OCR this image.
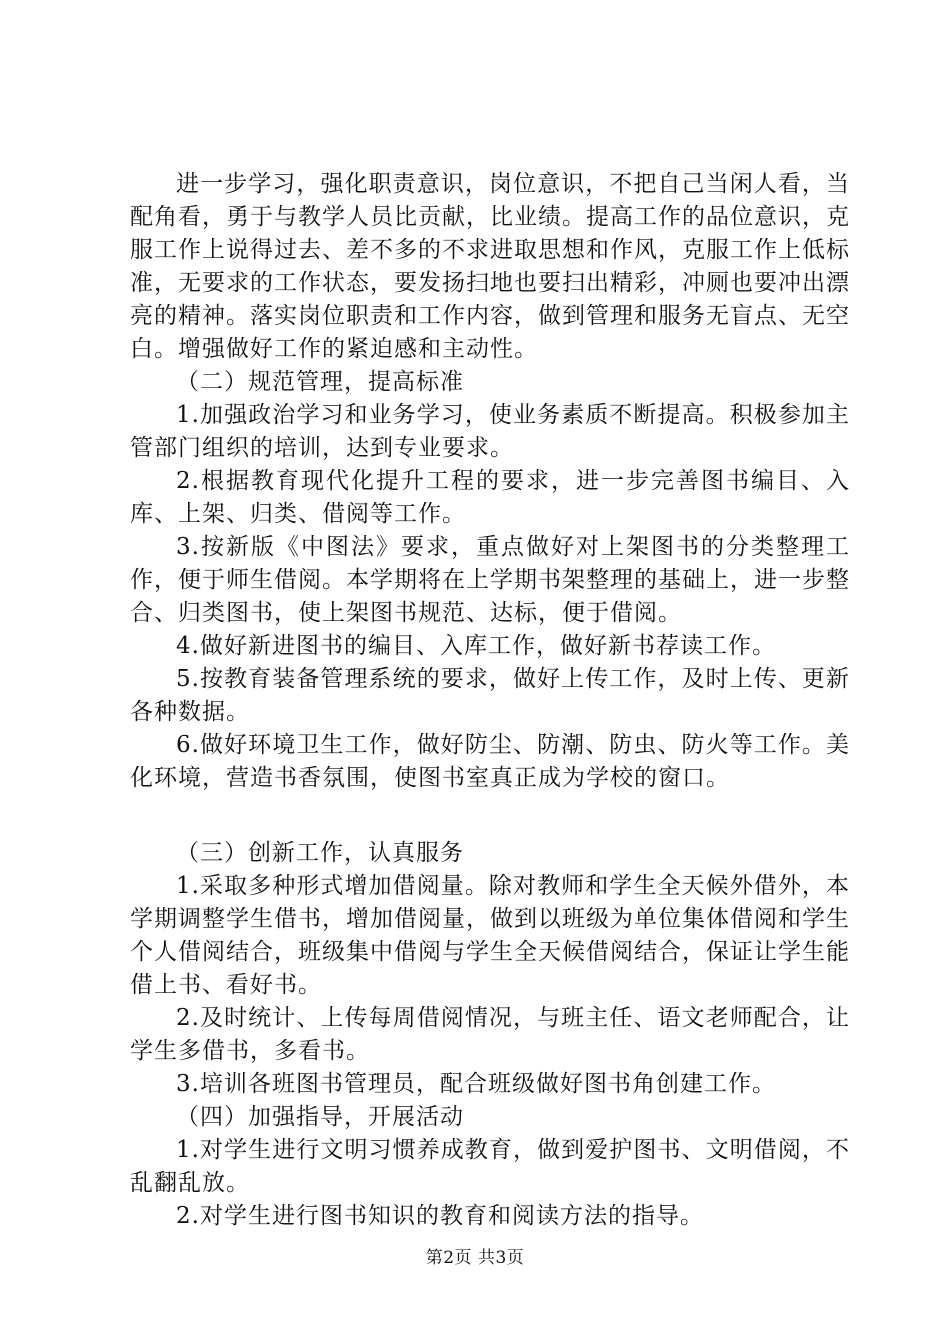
进一步学习，强化职责意识，岗位意识，不把自己当闲人看，当配角看，勇于与教学人员比贡献，比业绩。提高工作的品位意识，克服工作上说得过去、差不多的不求进取思想和作风，克服工作上低标准，无要求的工作状态，要发扬扫地也要扫出精彩，冲厕也要冲出漂亮的精神。落实岗位职责和工作内容，做到管理和服务无盲点、无空白。增强做好工作的紧迫感和主动性。

（二）规范管理，提高标准

1.加强政治学习和业务学习，使业务素质不断提高。积极参加主管部门组织的培训，达到专业要求。

2.根据教育现代化提升工程的要求，进一步完善图书编目、入库、上架、归类、借阅等工作。

3.按新版《中图法》要求，重点做好对上架图书的分类整理工作，便于师生借阅。本学期将在上学期书架整理的基础上，进一步整合、归类图书，使上架图书规范、达标，便于借阅。

4.做好新进图书的编目、入库工作，做好新书荐读工作。

5.按教育装备管理系统的要求，做好上传工作，及时上传、更新各种数据。

6.做好环境卫生工作，做好防尘、防潮、防虫、防火等工作。美化环境，营造书香氛围，使图书室真正成为学校的窗口。

（三）创新工作，认真服务

1.采取多种形式增加借阅量。除对教师和学生全天候外借外，本学期调整学生借书，增加借阅量，做到以班级为单位集体借阅和学生个人借阅结合，班级集中借阅与学生全天候借阅结合，保证让学生能借上书、看好书。

2.及时统计、上传每周借阅情况，与班主任、语文老师配合，让学生多借书，多看书。

3.培训各班图书管理员，配合班级做好图书角创建工作。

（四）加强指导，开展活动

1.对学生进行文明习惯养成教育，做到爱护图书、文明借阅，不乱翻乱放。

2.对学生进行图书知识的教育和阅读方法的指导。

第2页 共3页
